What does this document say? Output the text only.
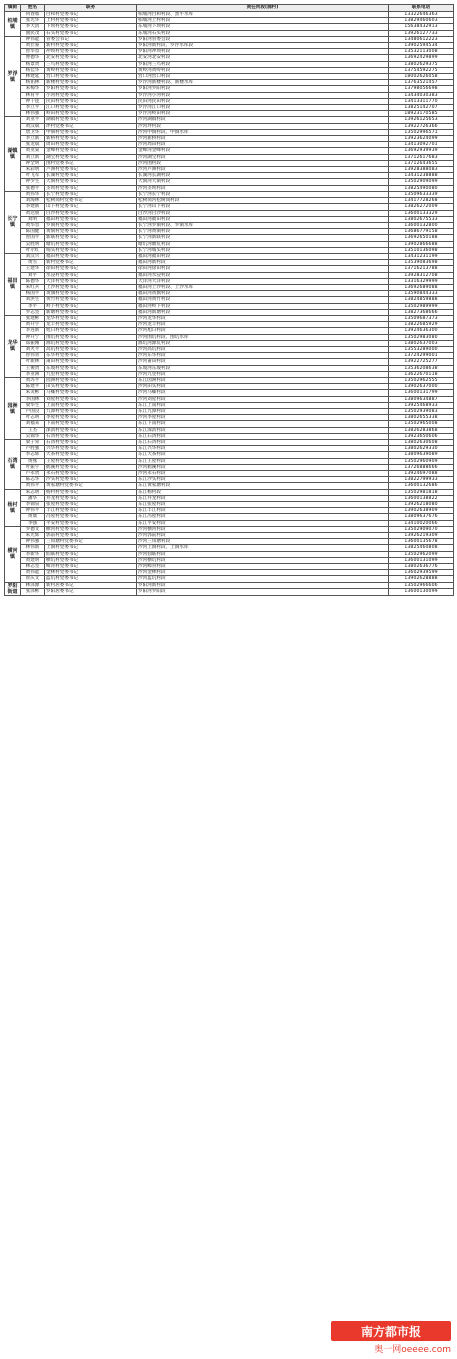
镇街	姓名	职务	责任河段(涌村)	联系电话
柏埔镇	何春加	白和村党委书记	柏埔河白和村段、黑牛水库	13322646363
	张光华	上村村党委书记	柏埔河上村村段	13829460603
	李大清	下坝村党委书记	东埔河下坝村段	15638432913
	曲民茂	石头村党委书记	东埔河石头村段	13926127733
罗浮镇	钟伟能	管委会书记	罗阳河管委会段	13480612223
	黄仕豪	新村村党委书记	罗阳河新村段、罗浮水库段	13902594534
	曾华容	冲坝村党委书记	罗阳河冲坝村段	13532113008
	曹德华	北安村党委书记	北安河北安村段	13692429899
	杨景贤	三鸟村党委书记	罗阳河三鸟村段	13802629375
	杨佳华	黄岭村党委书记	黄岭河黄岭村段	13754592275
	林建延	营口村党委书记	营口河营口村段	18002626058
	杨佑林	新楼村党委书记	罗浮河新楼村段、新楼水库	13763521457
	朱梅华	罗阳村党委书记	罗阳河罗阳村段	13798056698
	林育平	小河村党委书记	罗浮河小河村段	13434030383
	钟干莲	民田村党委书记	民田河民田村段	13413311770
	李立平	江口村党委书记	罗浮河江口村段	13825142707
	林伟强	岭田村党委书记	罗浮河岭田村段	18923170585
湖镇镇	刘亚平	湖镇村党委书记	沙河湖镇村段	13926125653
	黄汉斌	坪村党委书记	沙河坪村段	13922726366
	唐卫华	中洞村党委书记	沙河中洞村段、中洞水库	13502996571
	李立新	新桥村党委书记	沙河新桥村段	13923624099
	张龙斌	周田村党委书记	沙河周田村段	13413092701
	黄亚棠	金峰村党委书记	金峰河金峰村段	13692939939
	刘立新	湖宝村党委书记	沙河湖宝村段	13712617683
	钟全明	围村党委书记	沙河围村段	13712643655
	朱彩明	芦洲村党委书记	沙河芦洲村段	13928388083
	叶飞军	长湖村党委书记	长湖河长湖村段	13431238888
	钟少生	大洞村党委书记	大洞河大洞村段	13502909099
	张德平	圣坝村党委书记	沙河圣坝村段	13825490080
长宁镇	黄伟华	长宁村党委书记	长宁河长宁村段	13509633339
	刘海林	松树岗村党委书记	松树岗河松树岗村段	13417728268
	李建新	山下村党委书记	长宁河山下村段	13826272009
	黄达朋	白沙村党委书记	白沙河白沙村段	13600133329
	刘明	福田村党委书记	福田河福田村段	13802675533
	黄华容	罗洞村党委书记	长宁河罗洞村段、罗洞水库	13600132800
	陈国健	黄洞村党委书记	长宁河黄洞村段	13686779158
	曾国平	新联村党委书记	长宁河新联村段	13692650188
	吴胜明	塘坑村党委书记	塘坑河塘坑村段	13902866688
	叶尔红	埔头村党委书记	长宁河埔头村段	13510136098
福田镇	刘汉兴	福田村党委书记	福田河福田村段	13431231199
	黄雪	新村党委书记	福田河新村段	13539083698
	王建华	徐田村党委书记	徐田河徐田村段	13716213788
	刘平	水浸村党委书记	福田河水浸村段	13928312708
	陈德华	大洋村党委书记	大洋河大洋村段	13316329999
	朱红兵	上沙村党委书记	福田河上沙村段、上沙水库	13692689088
	杨国平	黄旗村党委书记	福田河黄旗村段	13590844333
	刘洪生	黄竹村党委书记	福田河黄竹村段	13824859888
	李平	岭下村党委书记	福田河岭下村段	13502989999
	罗志坚	新塘村党委书记	福田河新塘村段	13827368666
龙华镇	张建彬	龙华村党委书记	沙河龙华村段	13509687373
	黄开宇	龙丰村党委书记	沙河龙丰村段	13822685929
	李连新	旭日村党委书记	沙河旭日村段	13924636300
	钟开宁	围坑村党委书记	沙河围坑村段、围坑水库	13502983080
	郑振刚	源坑村党委书记	源坑河源坑村段	13802637003
	刘火平	高坑村党委书记	沙河高坑村段	13553289000
	曾伟青	东华村党委书记	沙河东华村段	13724299001
	叶新林	莆田村党委书记	沙河莆田村段	13922725277
	王俊贤	东坡村党委书记	东坡河东坡村段	13536208638
	李亚洲	九里村党委书记	沙河九里村段	13622670118
园洲镇	黄苏平	园洲村党委书记	东江园洲村段	13502962555
	陈建平	田头村党委书记	沙河田头村段	13902637000
	朱炎彬	马嘶村党委书记	沙河马嘶村段	13600131799
	李国林	刘屋村党委书记	沙河刘屋村段	13809634887
	梁华生	上南村党委书记	东江上南村段	13925468933
	卢国良	九潭村党委书记	东江九潭村段	13502939083
	叶志明	李屋村党委书记	沙河李屋村段	13802655338
	刘福来	下南村党委书记	东江下南村段	13502965008
	王杰	深沥村党委书记	东江深沥村段	13826283868
	吴锦华	石湾村党委书记	东江石湾村段	13923650606
石湾镇	梁子荣	石湾村党委书记	东江石湾村段	13802630608
	卢胜强	兴华村党委书记	东江兴华村段	13802629330
	李志辉	大茶村党委书记	东江大茶村段	13809639089
	黄燕	王屋村党委书记	东江王屋村段	13502960909
	叶振宇	鹤溪村党委书记	沙河鹤溪村段	13726888666
	卢永贤	永石村党委书记	沙河永石村段	13924697088
	陈志华	沙头村党委书记	东江沙头村段	13822799933
	黄伟平	黄家塘村党委书记	东江黄家塘村段	13600132686
杨村镇	朱志明	杨村村党委书记	东江杨村段	13502981818
	潘华	井龙村党委书记	东江井龙村段	13600138822
	李锦泉	张屋村党委书记	东江张屋村段	13926218080
	钟伟平	丰江村党委书记	东江丰江村段	13902638909
	黄康	冯屋村党委书记	东江冯屋村段	13809637676
	李强	平安村党委书记	东江平安村段	13410020066
横河镇	罗德文	横河村党委书记	沙河横河村段	13502909070
	朱光辉	郭前村党委书记	沙河郭前村段	13926219309
	钟伟强	三角塘村党委书记	沙河三角塘村段	13600135678
	林伟新	上洞村党委书记	沙河上洞村段、上洞水库	13825460808
	李新华	仙联村党委书记	沙河仙联村段	13502962099
	黄建明	横坑村党委书记	沙河横坑村段	13600131099
	林志坚	嶂背村党委书记	沙河嶂背村段	13802636776
	黄伟能	金林村党委书记	沙河金林村段	13602939599
	曾庆文	蓝坑村党委书记	沙河蓝坑村段	13902628888
罗阳街道	林泽源	新村居委书记	罗阳河新村段	13502966606
	张泽彬	罗阳居委书记	罗阳河罗阳段	13600130099
南方都市报
奥一网oeeee.com
